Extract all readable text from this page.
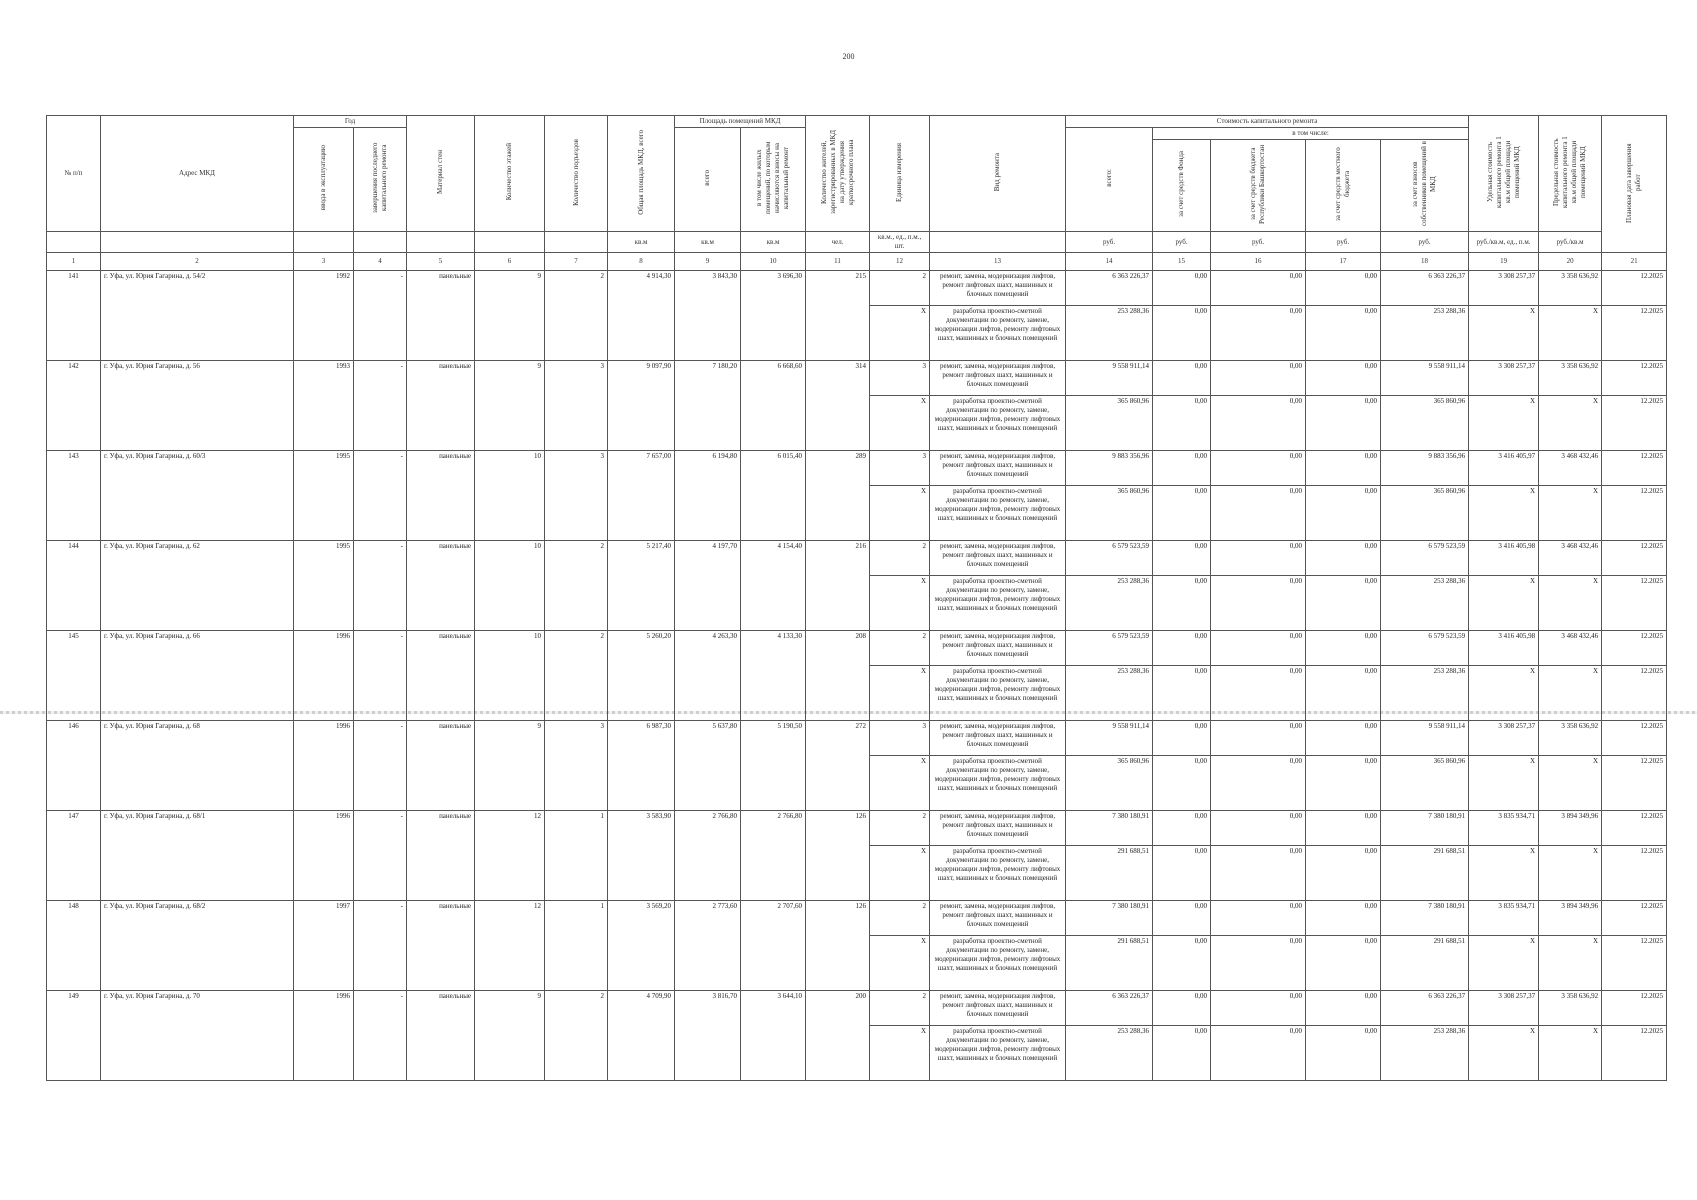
200
№ п/п	Адрес МКД	Год		Материал стен	Количество этажей	Количество подъездов	Общая площадь МКД, всего	Площадь помещений МКД		Количество жителей, зарегистрированных в МКД на дату утверждения краткосрочного плана	Единица измерения	Вид ремонта	Стоимость капитального ремонта					Удельная стоимость капитального ремонта 1 кв.м общей площади помещений МКД	Предельная стоимость капитального ремонта 1 кв.м общей площади помещений МКД	Плановая дата завершения работ
		ввода в эксплуатацию	завершения последнего капитального ремонта					всего	в том числе жилых помещений, по которым начисляются взносы на капитальный ремонт				всего:	в том числе:						
														за счет средств Фонда	за счет средств бюджета Республики Башкортостан	за счет средств местного бюджета	за счет взносов собственников помещений в МКД			
							кв.м	кв.м	кв.м	чел.	кв.м., ед., п.м., шт.		руб.	руб.	руб.	руб.	руб.	руб./кв.м, ед., п.м.	руб./кв.м	
1	2	3	4	5	6	7	8	9	10	11	12	13	14	15	16	17	18	19	20	21
141	г. Уфа, ул. Юрия Гагарина, д. 54/2	1992	-	панельные	9	2	4 914,30	3 843,30	3 696,30	215	2	ремонт, замена, модернизация лифтов, ремонт лифтовых шахт, машинных и блочных помещений	6 363 226,37	0,00	0,00	0,00	6 363 226,37	3 308 257,37	3 358 636,92	12.2025
											X	разработка проектно-сметной документации по ремонту, замене, модернизации лифтов, ремонту лифтовых шахт, машинных и блочных помещений	253 288,36	0,00	0,00	0,00	253 288,36	X	X	12.2025
142	г. Уфа, ул. Юрия Гагарина, д. 56	1993	-	панельные	9	3	9 097,90	7 180,20	6 668,60	314	3	ремонт, замена, модернизация лифтов, ремонт лифтовых шахт, машинных и блочных помещений	9 558 911,14	0,00	0,00	0,00	9 558 911,14	3 308 257,37	3 358 636,92	12.2025
											X	разработка проектно-сметной документации по ремонту, замене, модернизации лифтов, ремонту лифтовых шахт, машинных и блочных помещений	365 860,96	0,00	0,00	0,00	365 860,96	X	X	12.2025
143	г. Уфа, ул. Юрия Гагарина, д. 60/3	1995	-	панельные	10	3	7 657,00	6 194,80	6 015,40	289	3	ремонт, замена, модернизация лифтов, ремонт лифтовых шахт, машинных и блочных помещений	9 883 356,96	0,00	0,00	0,00	9 883 356,96	3 416 405,97	3 468 432,46	12.2025
											X	разработка проектно-сметной документации по ремонту, замене, модернизации лифтов, ремонту лифтовых шахт, машинных и блочных помещений	365 860,96	0,00	0,00	0,00	365 860,96	X	X	12.2025
144	г. Уфа, ул. Юрия Гагарина, д. 62	1995	-	панельные	10	2	5 217,40	4 197,70	4 154,40	216	2	ремонт, замена, модернизация лифтов, ремонт лифтовых шахт, машинных и блочных помещений	6 579 523,59	0,00	0,00	0,00	6 579 523,59	3 416 405,98	3 468 432,46	12.2025
											X	разработка проектно-сметной документации по ремонту, замене, модернизации лифтов, ремонту лифтовых шахт, машинных и блочных помещений	253 288,36	0,00	0,00	0,00	253 288,36	X	X	12.2025
145	г. Уфа, ул. Юрия Гагарина, д. 66	1996	-	панельные	10	2	5 260,20	4 263,30	4 133,30	208	2	ремонт, замена, модернизация лифтов, ремонт лифтовых шахт, машинных и блочных помещений	6 579 523,59	0,00	0,00	0,00	6 579 523,59	3 416 405,98	3 468 432,46	12.2025
											X	разработка проектно-сметной документации по ремонту, замене, модернизации лифтов, ремонту лифтовых шахт, машинных и блочных помещений	253 288,36	0,00	0,00	0,00	253 288,36	X	X	12.2025
146	г. Уфа, ул. Юрия Гагарина, д. 68	1996	-	панельные	9	3	6 987,30	5 637,80	5 190,50	272	3	ремонт, замена, модернизация лифтов, ремонт лифтовых шахт, машинных и блочных помещений	9 558 911,14	0,00	0,00	0,00	9 558 911,14	3 308 257,37	3 358 636,92	12.2025
											X	разработка проектно-сметной документации по ремонту, замене, модернизации лифтов, ремонту лифтовых шахт, машинных и блочных помещений	365 860,96	0,00	0,00	0,00	365 860,96	X	X	12.2025
147	г. Уфа, ул. Юрия Гагарина, д. 68/1	1996	-	панельные	12	1	3 583,90	2 766,80	2 766,80	126	2	ремонт, замена, модернизация лифтов, ремонт лифтовых шахт, машинных и блочных помещений	7 380 180,91	0,00	0,00	0,00	7 380 180,91	3 835 934,71	3 894 349,96	12.2025
											X	разработка проектно-сметной документации по ремонту, замене, модернизации лифтов, ремонту лифтовых шахт, машинных и блочных помещений	291 688,51	0,00	0,00	0,00	291 688,51	X	X	12.2025
148	г. Уфа, ул. Юрия Гагарина, д. 68/2	1997	-	панельные	12	1	3 569,20	2 773,60	2 707,60	126	2	ремонт, замена, модернизация лифтов, ремонт лифтовых шахт, машинных и блочных помещений	7 380 180,91	0,00	0,00	0,00	7 380 180,91	3 835 934,71	3 894 349,96	12.2025
											X	разработка проектно-сметной документации по ремонту, замене, модернизации лифтов, ремонту лифтовых шахт, машинных и блочных помещений	291 688,51	0,00	0,00	0,00	291 688,51	X	X	12.2025
149	г. Уфа, ул. Юрия Гагарина, д. 70	1996	-	панельные	9	2	4 709,90	3 816,70	3 644,10	200	2	ремонт, замена, модернизация лифтов, ремонт лифтовых шахт, машинных и блочных помещений	6 363 226,37	0,00	0,00	0,00	6 363 226,37	3 308 257,37	3 358 636,92	12.2025
											X	разработка проектно-сметной документации по ремонту, замене, модернизации лифтов, ремонту лифтовых шахт, машинных и блочных помещений	253 288,36	0,00	0,00	0,00	253 288,36	X	X	12.2025
